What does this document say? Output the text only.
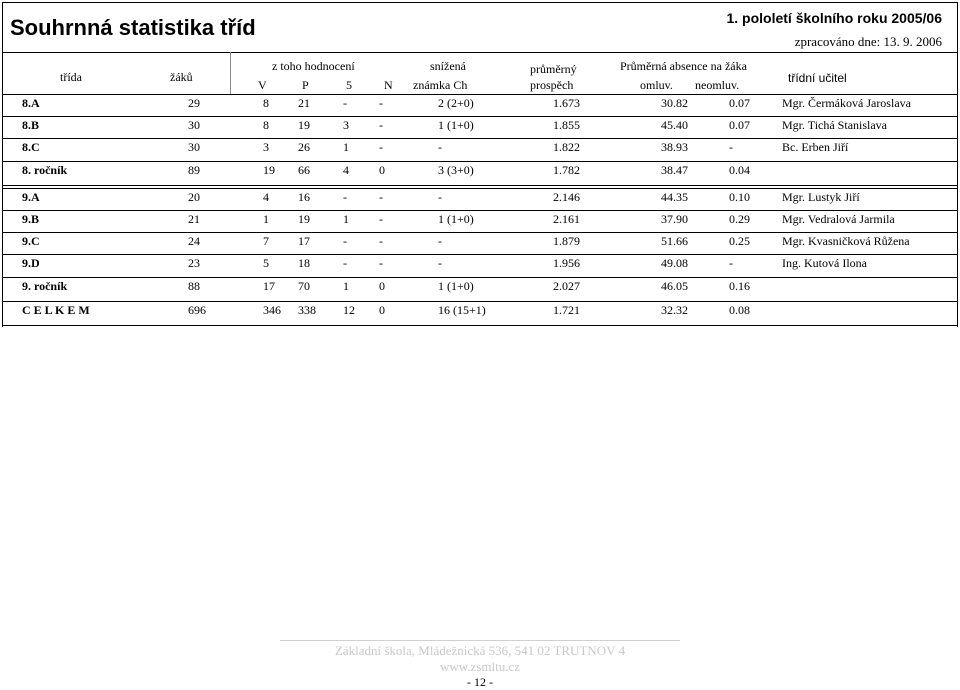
Souhrnná statistika tříd	1. pololetí školního roku 2005/06
zpracováno dne: 13. 9. 2006
třída	žáků
z toho hodnocení
V	P	5	N
snížená
známka Ch
průměrný
prospěch
Průměrná absence na žáka
omluv. neomluv.	třídní učitel
8.A	29	8 21	-	-	2 (2+0)	1.673	30.82	0.07	Mgr. Čermáková Jaroslava
8.B	30	8 19	3	-	1 (1+0)	1.855	45.40	0.07	Mgr. Tichá Stanislava
8.C	30	3 26	1	-	-	1.822	38.93	-	Bc. Erben Jiří
8. ročník	89	19 66	4	0	3 (3+0)	1.782	38.47	0.04
9.A	20	4 16	-	-	-	2.146	44.35	0.10	Mgr. Lustyk Jiří
9.B	21	1 19	1	-	1 (1+0)	2.161	37.90	0.29	Mgr. Vedralová Jarmila
9.C	24	7 17	-	-	-	1.879	51.66	0.25	Mgr. Kvasničková Růžena
9.D	23	5 18	-	-	-	1.956	49.08	-	Ing. Kutová Ilona
9. ročník	88	17 70	1	0	1 (1+0)	2.027	46.05	0.16
C E L K E M	696	346 338 12 0	16 (15+1)	1.721	32.32	0.08
Základní škola, Mládežnická 536, 541 02 TRUTNOV 4
www.zsmltu.cz
- 12 -
